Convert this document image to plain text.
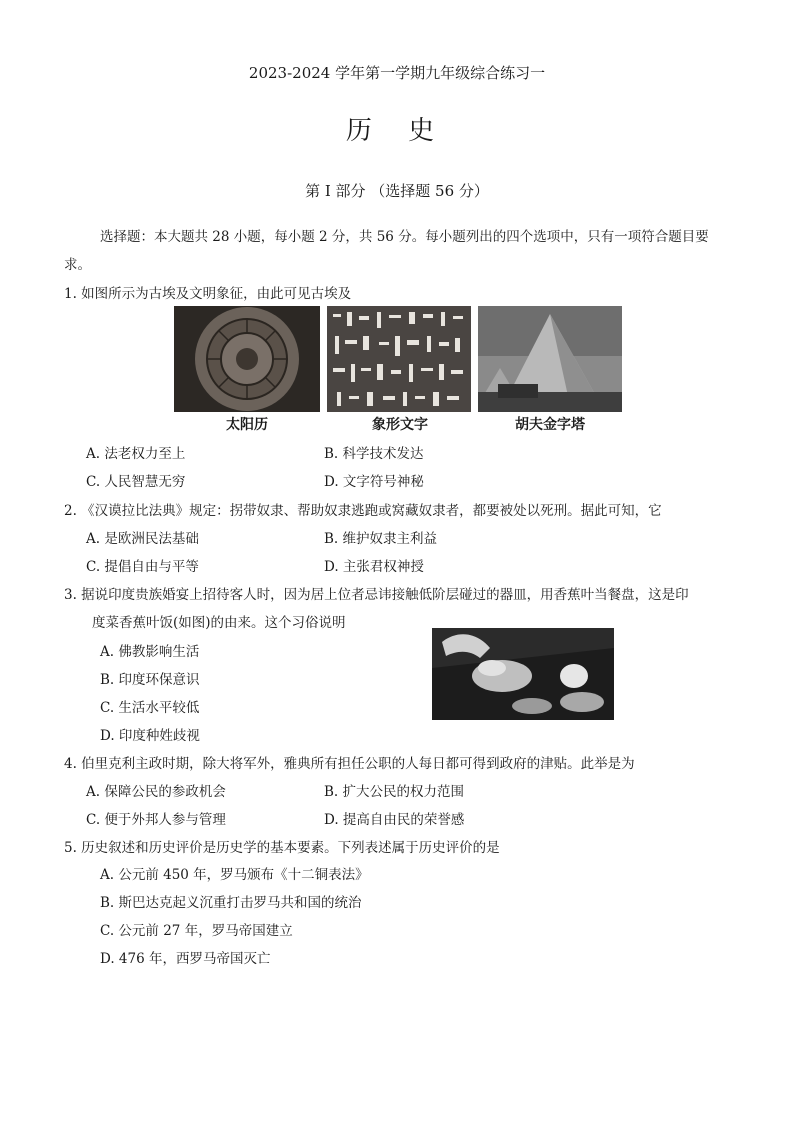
2023-2024 学年第一学期九年级综合练习一
历 史
第 I 部分 （选择题 56 分）
选择题：本大题共 28 小题，每小题 2 分，共 56 分。每小题列出的四个选项中，只有一项符合题目要
求。
1. 如图所示为古埃及文明象征，由此可见古埃及
太阳历	象形文字	胡夫金字塔
A. 法老权力至上	B. 科学技术发达
C. 人民智慧无穷	D. 文字符号神秘
2. 《汉谟拉比法典》规定：拐带奴隶、帮助奴隶逃跑或窝藏奴隶者，都要被处以死刑。据此可知，它
A. 是欧洲民法基础	B. 维护奴隶主利益
C. 提倡自由与平等	D. 主张君权神授
3. 据说印度贵族婚宴上招待客人时，因为居上位者忌讳接触低阶层碰过的器皿，用香蕉叶当餐盘，这是印
度菜香蕉叶饭(如图)的由来。这个习俗说明
A. 佛教影响生活
B. 印度环保意识
C. 生活水平较低
D. 印度种姓歧视
4. 伯里克利主政时期，除大将军外，雅典所有担任公职的人每日都可得到政府的津贴。此举是为
A. 保障公民的参政机会	B. 扩大公民的权力范围
C. 便于外邦人参与管理	D. 提高自由民的荣誉感
5. 历史叙述和历史评价是历史学的基本要素。下列表述属于历史评价的是
A. 公元前 450 年，罗马颁布《十二铜表法》
B. 斯巴达克起义沉重打击罗马共和国的统治
C. 公元前 27 年，罗马帝国建立
D. 476 年，西罗马帝国灭亡
